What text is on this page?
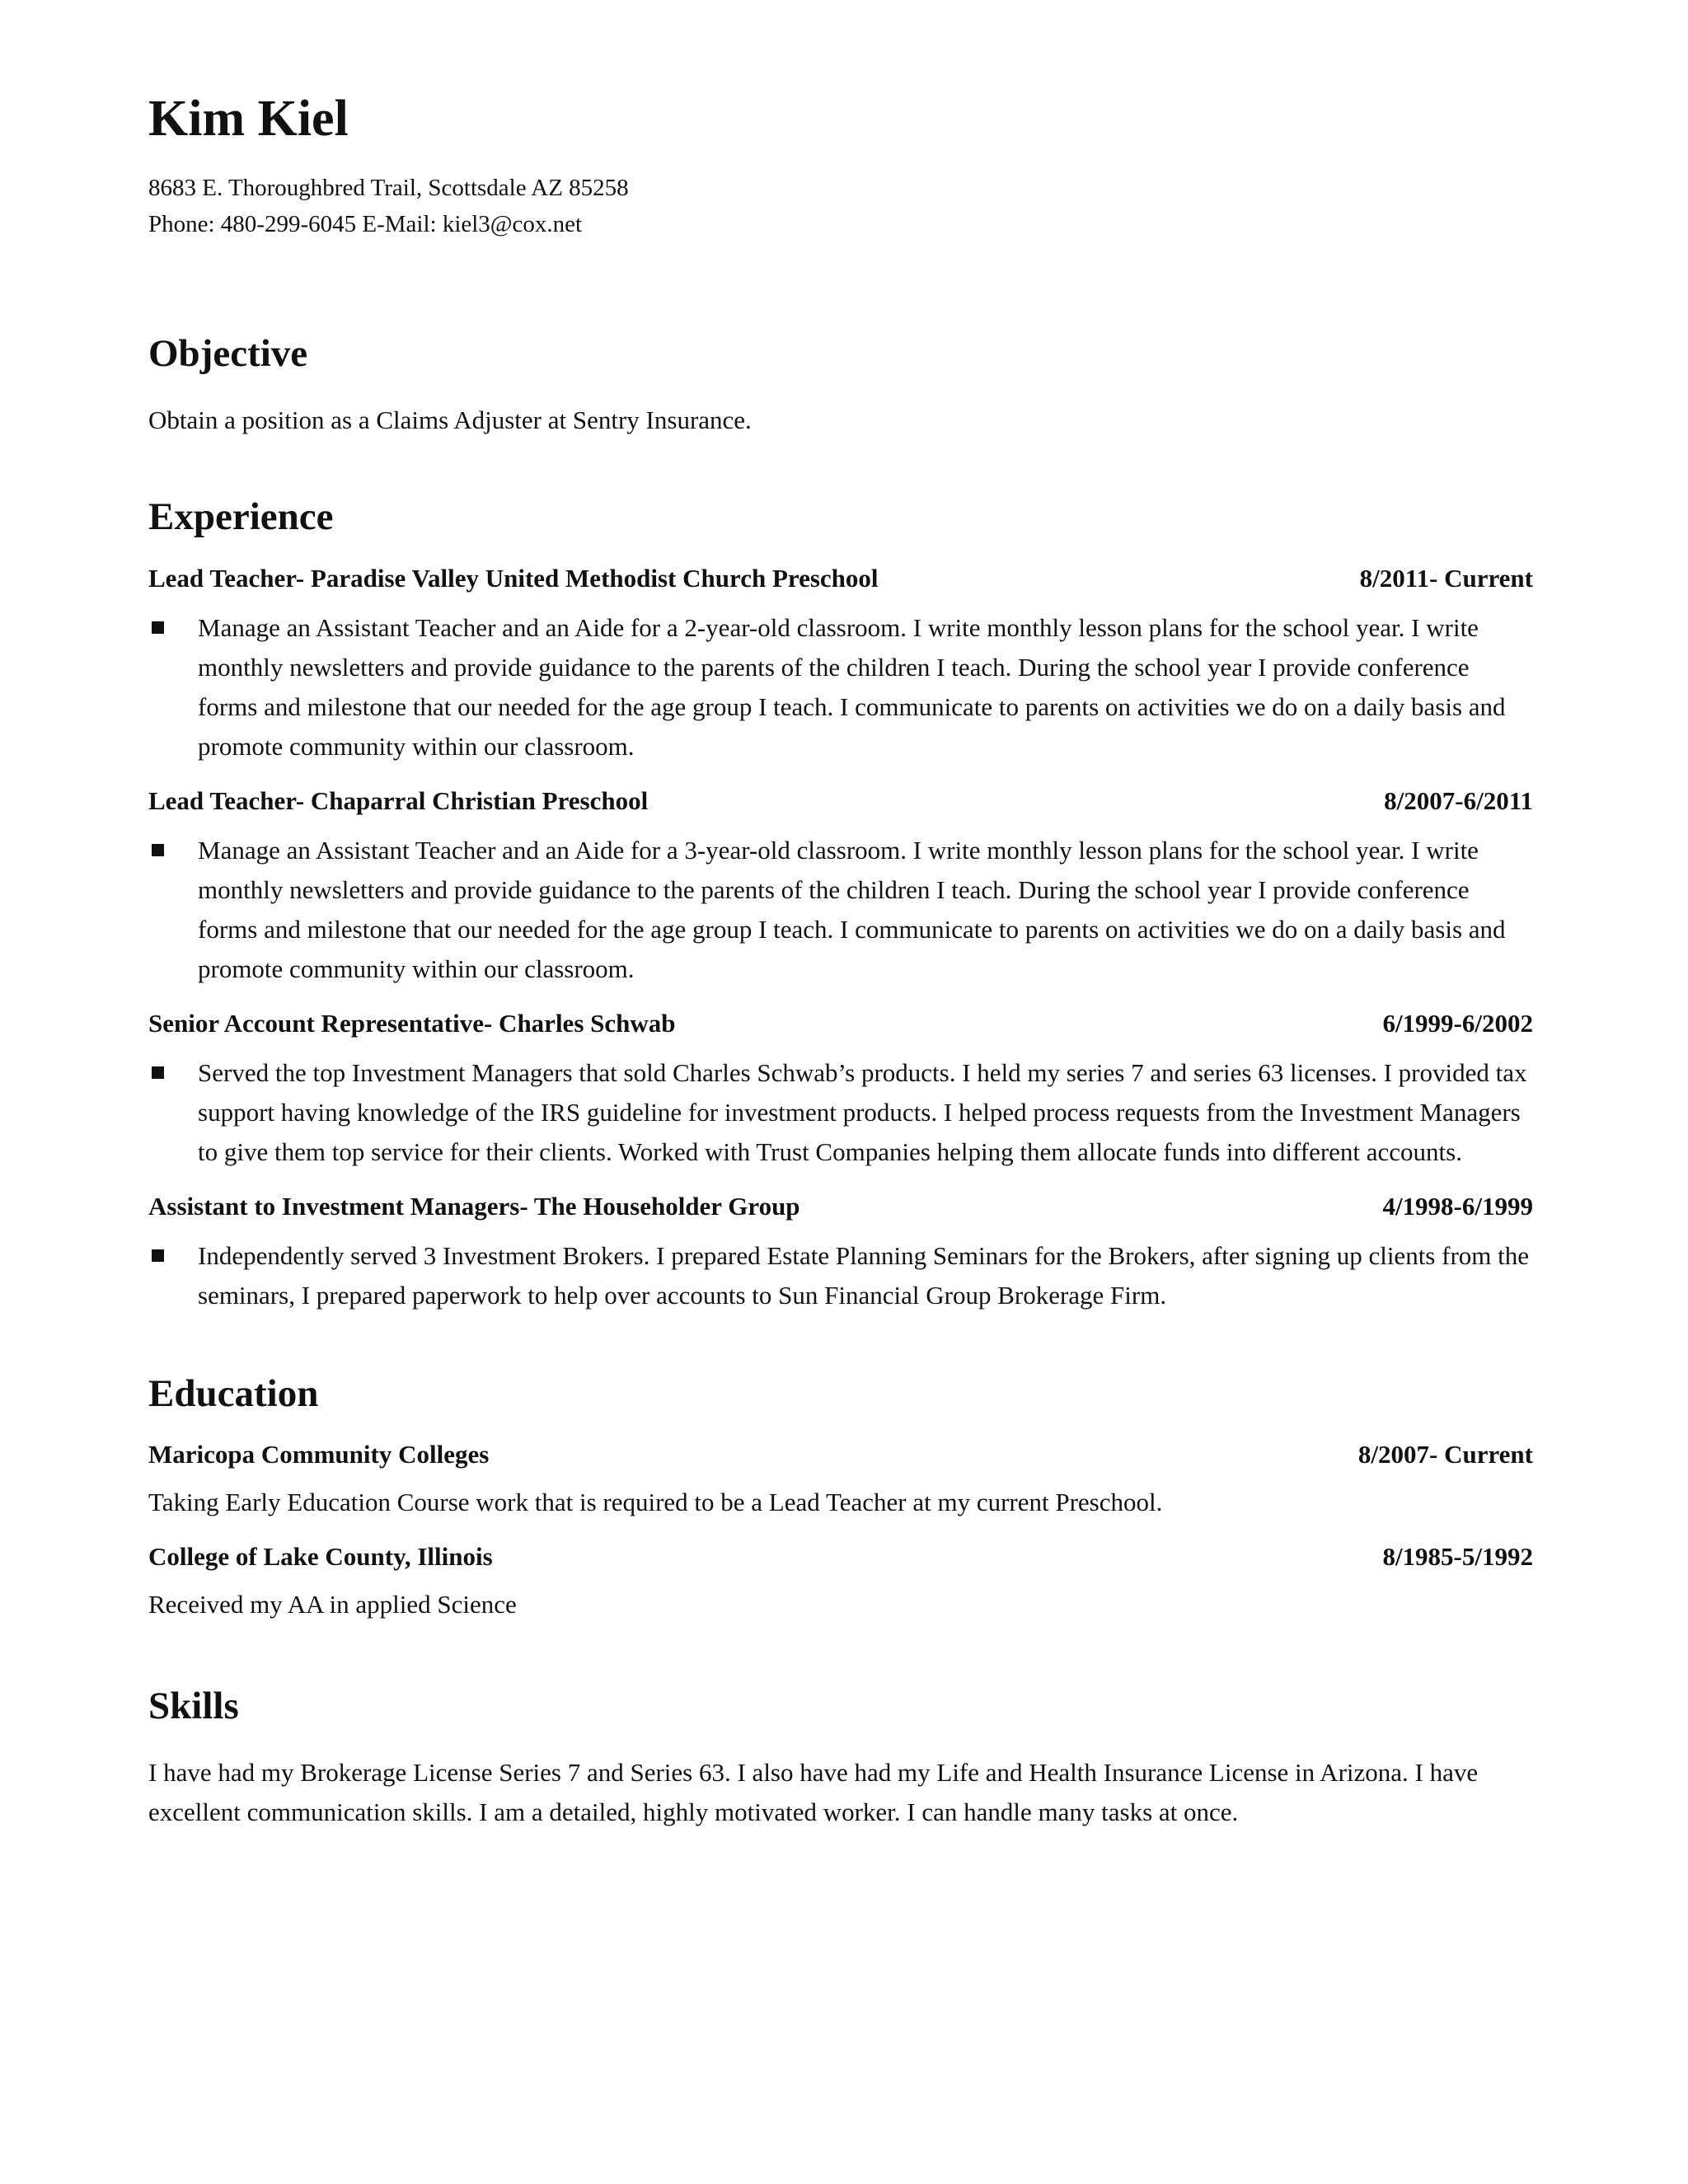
Kim Kiel

8683 E. Thoroughbred Trail, Scottsdale AZ 85258

Phone: 480-299-6045 E-Mail: kiel3@cox.net

Objective

Obtain a position as a Claims Adjuster at Sentry Insurance.

Experience
Lead Teacher- Paradise Valley United Methodist Church Preschool	8/2011- Current
Manage an Assistant Teacher and an Aide for a 2-year-old classroom. I write monthly lesson plans for the school year. I write monthly newsletters and provide guidance to the parents of the children I teach. During the school year I provide conference forms and milestone that our needed for the age group I teach. I communicate to parents on activities we do on a daily basis and promote community within our classroom.
Lead Teacher- Chaparral Christian Preschool	8/2007-6/2011
Manage an Assistant Teacher and an Aide for a 3-year-old classroom. I write monthly lesson plans for the school year. I write monthly newsletters and provide guidance to the parents of the children I teach. During the school year I provide conference forms and milestone that our needed for the age group I teach. I communicate to parents on activities we do on a daily basis and promote community within our classroom.
Senior Account Representative- Charles Schwab	6/1999-6/2002
Served the top Investment Managers that sold Charles Schwab’s products. I held my series 7 and series 63 licenses. I provided tax support having knowledge of the IRS guideline for investment products. I helped process requests from the Investment Managers to give them top service for their clients. Worked with Trust Companies helping them allocate funds into different accounts.
Assistant to Investment Managers- The Householder Group	4/1998-6/1999
Independently served 3 Investment Brokers. I prepared Estate Planning Seminars for the Brokers, after signing up clients from the seminars, I prepared paperwork to help over accounts to Sun Financial Group Brokerage Firm.
Education
Maricopa Community Colleges	8/2007- Current

Taking Early Education Course work that is required to be a Lead Teacher at my current Preschool.

College of Lake County, Illinois	8/1985-5/1992

Received my AA in applied Science

Skills

I have had my Brokerage License Series 7 and Series 63. I also have had my Life and Health Insurance License in Arizona. I have excellent communication skills. I am a detailed, highly motivated worker. I can handle many tasks at once.
